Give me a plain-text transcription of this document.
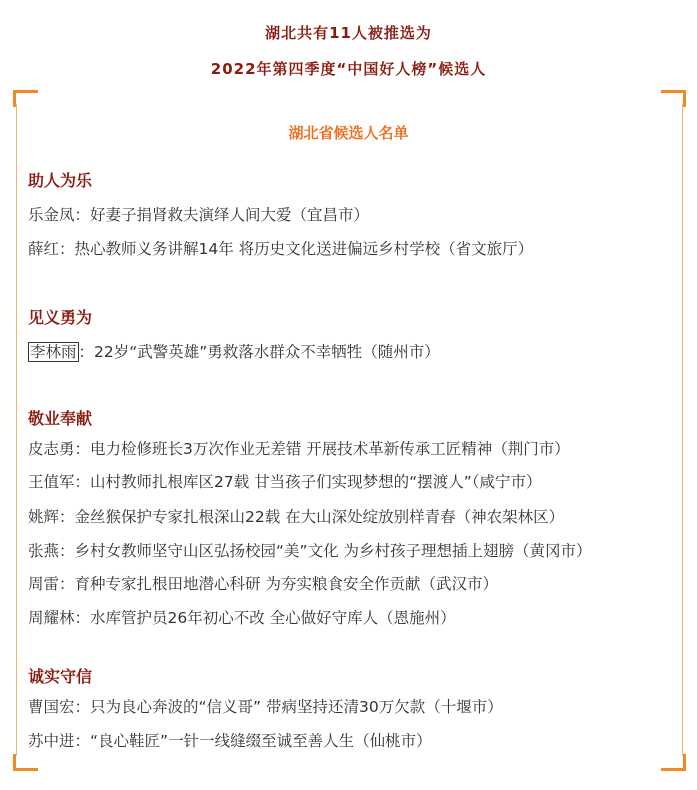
湖北共有11人被推选为
2022年第四季度“中国好人榜”候选人
湖北省候选人名单
助人为乐
乐金凤：好妻子捐肾救夫演绎人间大爱（宜昌市）
薛红：热心教师义务讲解14年 将历史文化送进偏远乡村学校（省文旅厅）
见义勇为
李林雨 ：22岁“武警英雄”勇救落水群众不幸牺牲（随州市）
敬业奉献
皮志勇：电力检修班长3万次作业无差错 开展技术革新传承工匠精神（荆门市）
王值军：山村教师扎根库区27载 甘当孩子们实现梦想的“摆渡人”（咸宁市）
姚辉：金丝猴保护专家扎根深山22载 在大山深处绽放别样青春（神农架林区）
张燕：乡村女教师坚守山区弘扬校园“美”文化 为乡村孩子理想插上翅膀（黄冈市）
周雷：育种专家扎根田地潜心科研 为夯实粮食安全作贡献（武汉市）
周耀林：水库管护员26年初心不改 全心做好守库人（恩施州）
诚实守信
曹国宏：只为良心奔波的“信义哥” 带病坚持还清30万欠款（十堰市）
苏中进：“良心鞋匠”一针一线缝缀至诚至善人生（仙桃市）
